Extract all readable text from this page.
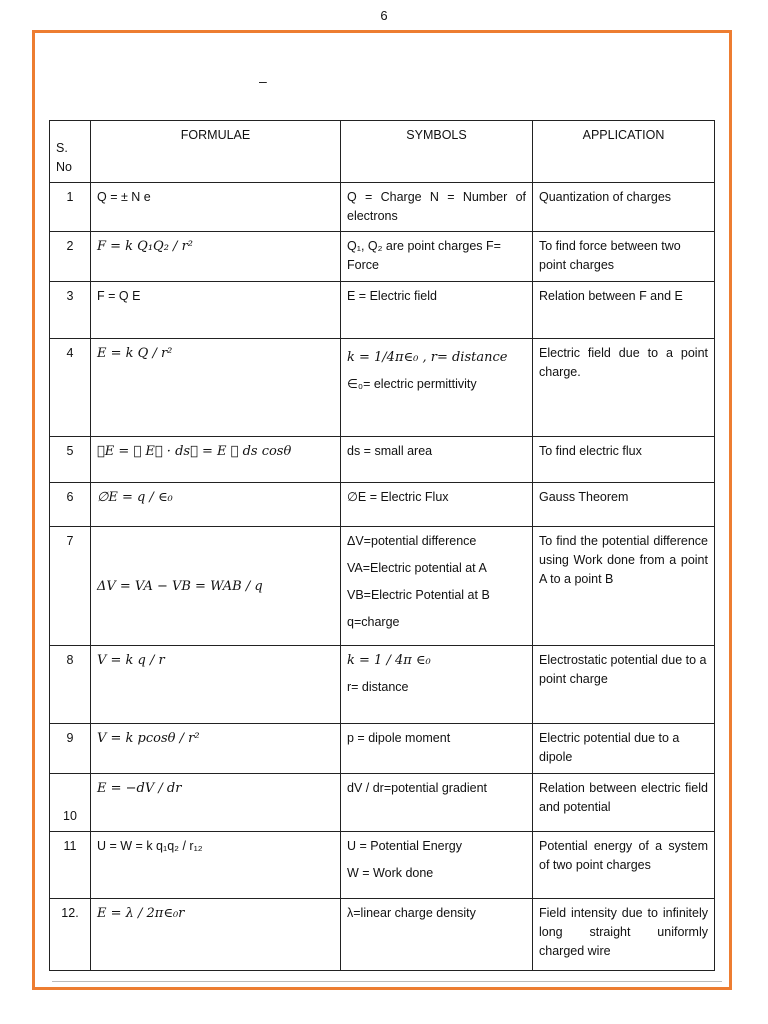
6
–
S. No	FORMULAE	SYMBOLS	APPLICATION
1	Q = ± N e	Q = Charge N = Number of electrons	Quantization of charges
2	F = k Q₁Q₂ / r²	Q₁, Q₂ are point charges F= Force	To find force between two point charges
3	F = Q E	E = Electric field	Relation between F and E
4	E = k Q / r²	k = 1/4π∈₀ , r= distance
∈₀= electric permittivity	Electric field due to a point charge.
5	∅E = ∮ E⃗ · ds⃗ = E ∮ ds cosθ	ds = small area	To find electric flux
6	∅E = q / ∈₀	∅E = Electric Flux	Gauss Theorem
7	ΔV = VA − VB = WAB / q	ΔV=potential difference
VA=Electric potential at A
VB=Electric Potential at B
q=charge	To find the potential difference using Work done from a point A to a point B
8	V = k q / r	k = 1 / 4π ∈₀
r= distance	Electrostatic potential due to a point charge
9	V = k pcosθ / r²	p = dipole moment	Electric potential due to a dipole
10	E = −dV / dr	dV / dr=potential gradient	Relation between electric field and potential
11	U = W = k q₁q₂ / r₁₂	U = Potential Energy
W = Work done	Potential energy of a system of two point charges
12.	E = λ / 2π∈₀r	λ=linear charge density	Field intensity due to infinitely long straight uniformly charged wire
